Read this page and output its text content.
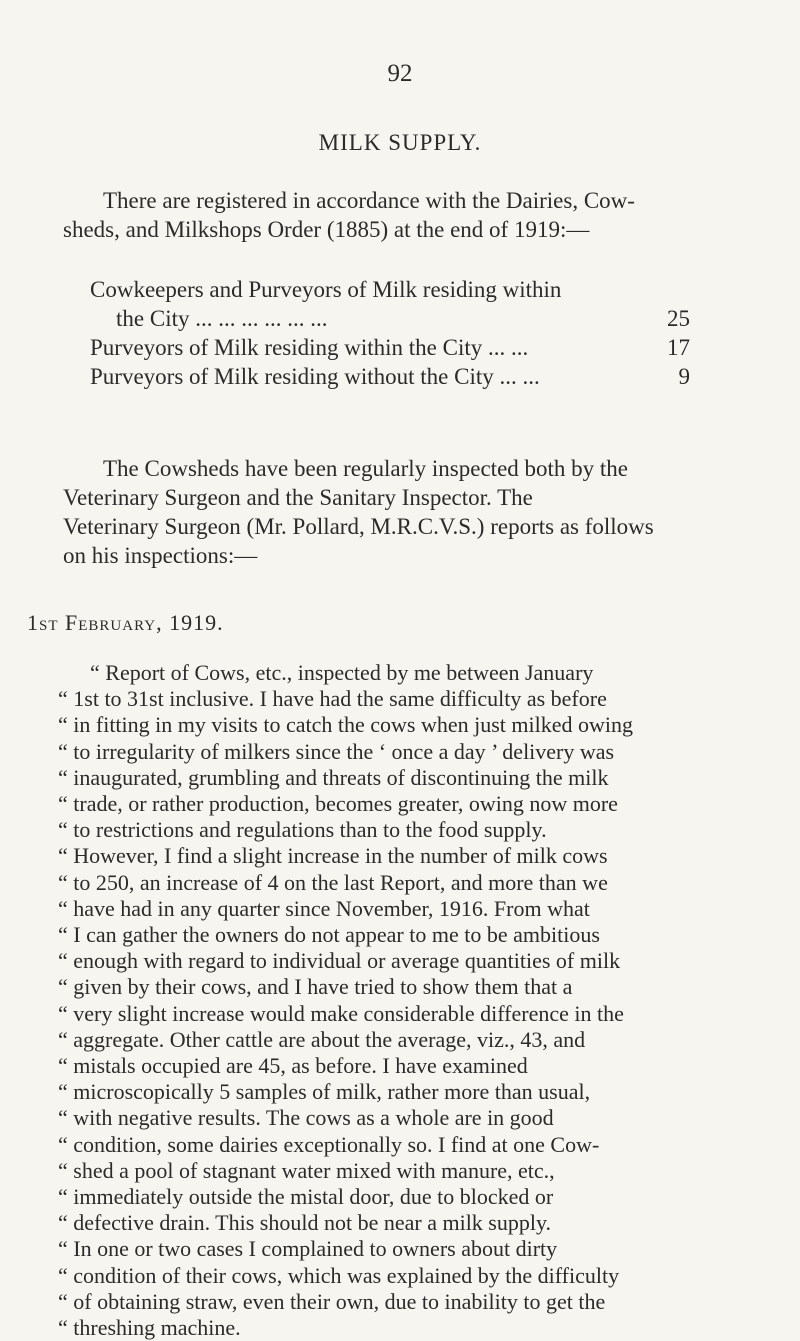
92
MILK SUPPLY.
There are registered in accordance with the Dairies, Cow-
sheds, and Milkshops Order (1885) at the end of 1919:—
Cowkeepers and Purveyors of Milk residing within
the City ... ... ... ... ... ...	25
Purveyors of Milk residing within the City ... ...	17
Purveyors of Milk residing without the City ... ...	9
The Cowsheds have been regularly inspected both by the
Veterinary Surgeon and the Sanitary Inspector. The
Veterinary Surgeon (Mr. Pollard, M.R.C.V.S.) reports as follows
on his inspections:—
1st February, 1919.
“ Report of Cows, etc., inspected by me between January
“ 1st to 31st inclusive. I have had the same difficulty as before
“ in fitting in my visits to catch the cows when just milked owing
“ to irregularity of milkers since the ‘ once a day ’ delivery was
“ inaugurated, grumbling and threats of discontinuing the milk
“ trade, or rather production, becomes greater, owing now more
“ to restrictions and regulations than to the food supply.
“ However, I find a slight increase in the number of milk cows
“ to 250, an increase of 4 on the last Report, and more than we
“ have had in any quarter since November, 1916. From what
“ I can gather the owners do not appear to me to be ambitious
“ enough with regard to individual or average quantities of milk
“ given by their cows, and I have tried to show them that a
“ very slight increase would make considerable difference in the
“ aggregate. Other cattle are about the average, viz., 43, and
“ mistals occupied are 45, as before. I have examined
“ microscopically 5 samples of milk, rather more than usual,
“ with negative results. The cows as a whole are in good
“ condition, some dairies exceptionally so. I find at one Cow-
“ shed a pool of stagnant water mixed with manure, etc.,
“ immediately outside the mistal door, due to blocked or
“ defective drain. This should not be near a milk supply.
“ In one or two cases I complained to owners about dirty
“ condition of their cows, which was explained by the difficulty
“ of obtaining straw, even their own, due to inability to get the
“ threshing machine.
